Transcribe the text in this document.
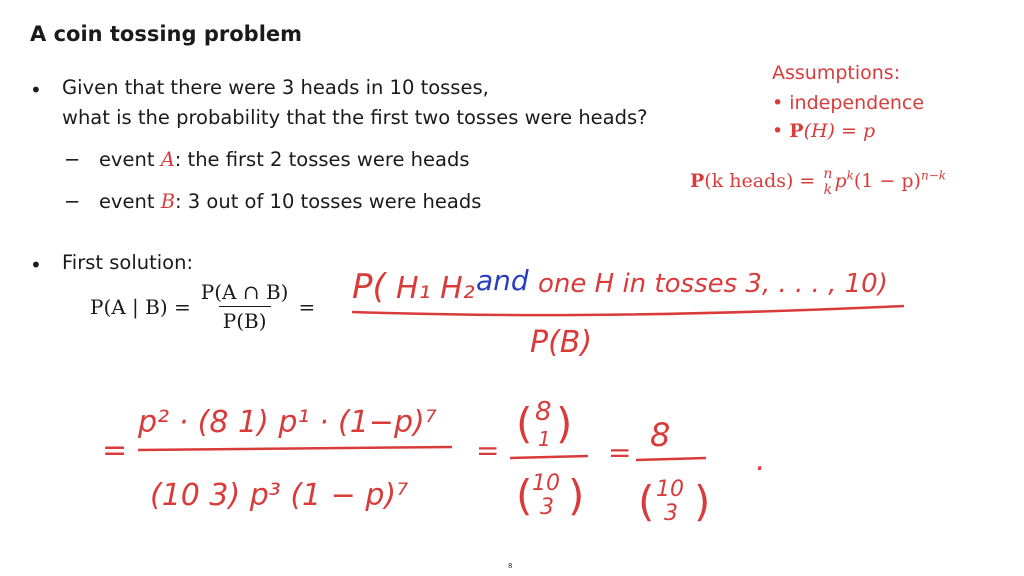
A coin tossing problem
• Given that there were 3 heads in 10 tosses,
what is the probability that the first two tosses were heads?
−   event A: the first 2 tosses were heads
−   event B: 3 out of 10 tosses were heads
Assumptions:
• independence
• P(H) = p
P(k heads) = n
k $p^k(1 - p)^{n-k}$
• First solution:
P(A | $B) = \frac{P(A \cap B)}{P(B)} = P$( H₁ H₂ and one H in tosses 3, . . . , 10)
P(B)
=
p² · (8 1) p¹ · (1−p)⁷
(10 3) p³ (1 − p)⁷
=
( 8
1 )
( 10
3 )
= 8
( 10
3 )
.
8
